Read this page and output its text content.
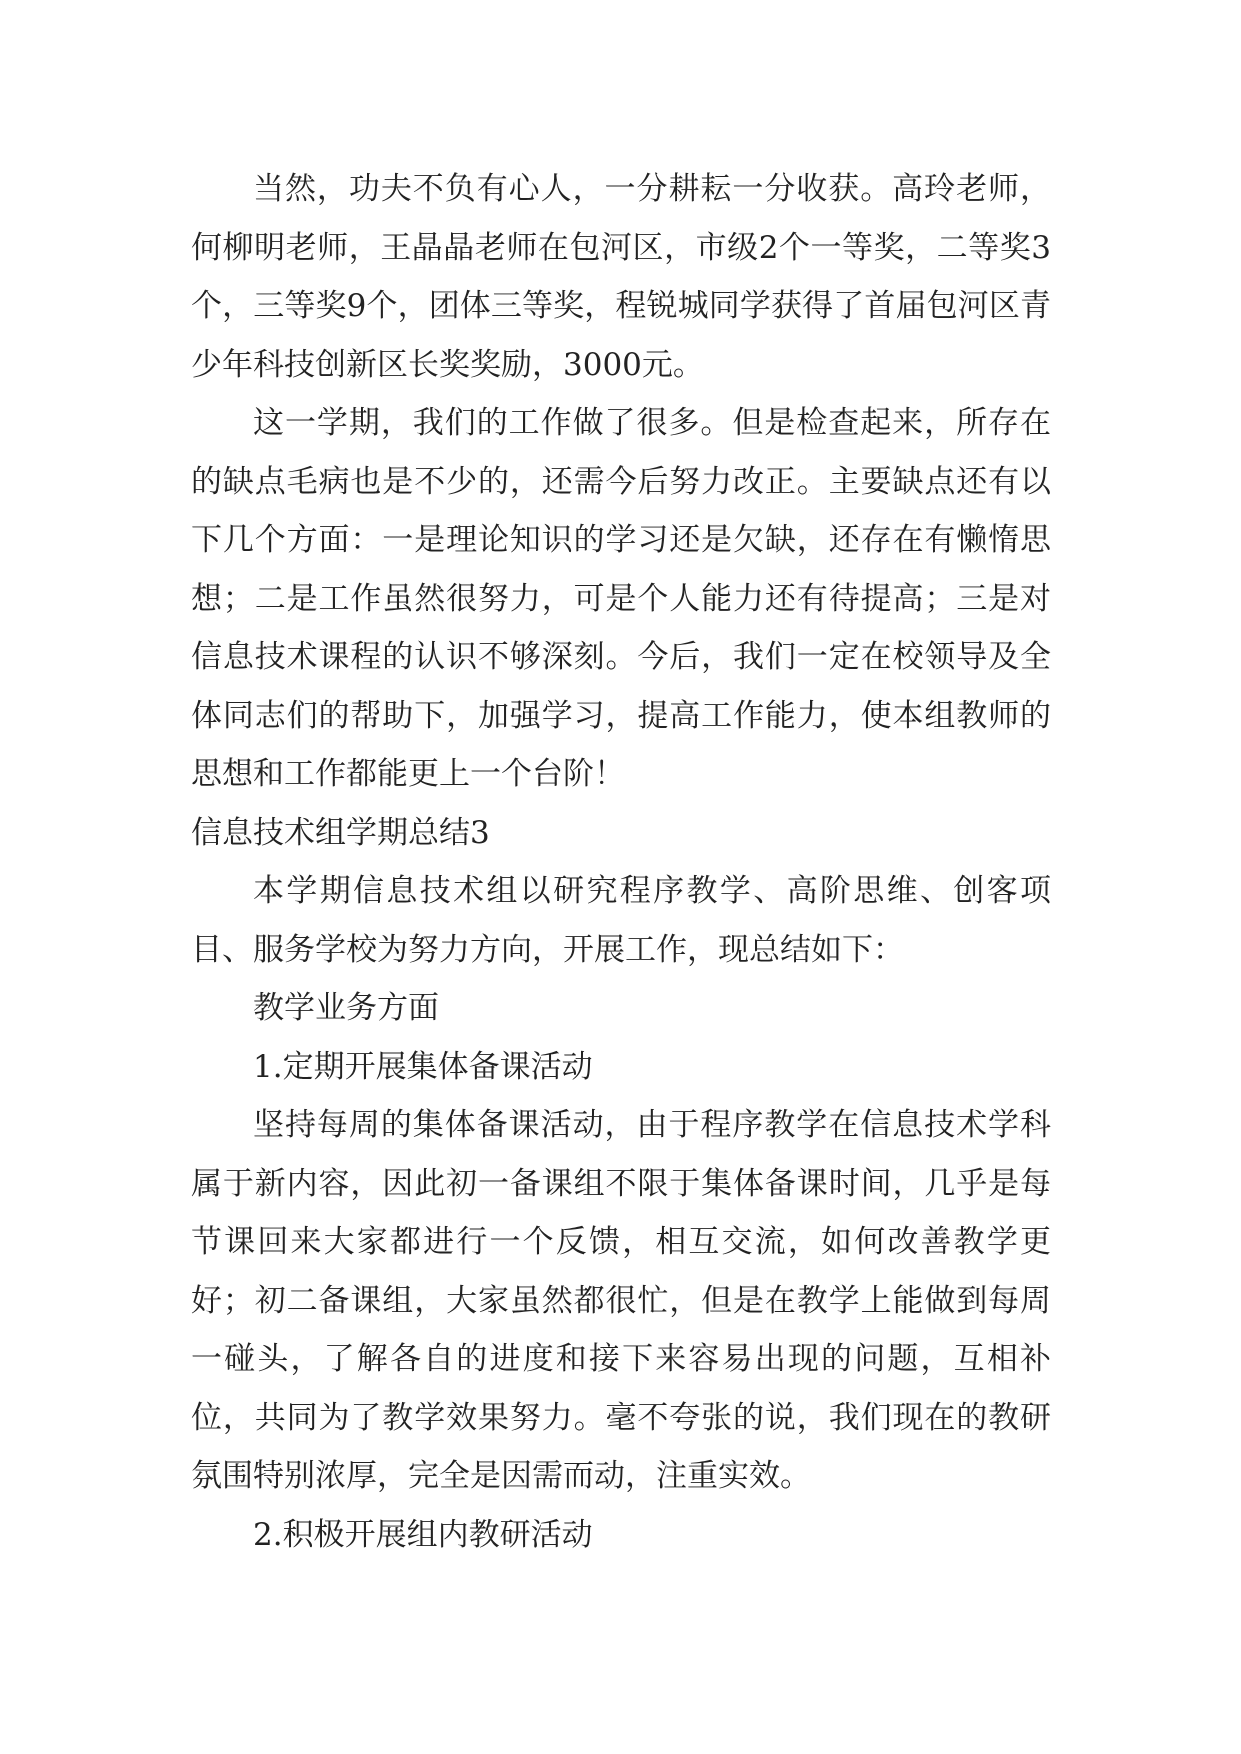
当然，功夫不负有心人，一分耕耘一分收获。高玲老师，何柳明老师，王晶晶老师在包河区，市级2个一等奖，二等奖3个，三等奖9个，团体三等奖，程锐城同学获得了首届包河区青少年科技创新区长奖奖励，3000元。

这一学期，我们的工作做了很多。但是检查起来，所存在的缺点毛病也是不少的，还需今后努力改正。主要缺点还有以下几个方面：一是理论知识的学习还是欠缺，还存在有懒惰思想；二是工作虽然很努力，可是个人能力还有待提高；三是对信息技术课程的认识不够深刻。今后，我们一定在校领导及全体同志们的帮助下，加强学习，提高工作能力，使本组教师的思想和工作都能更上一个台阶！

信息技术组学期总结3

本学期信息技术组以研究程序教学、高阶思维、创客项目、服务学校为努力方向，开展工作，现总结如下：

教学业务方面

1.定期开展集体备课活动

坚持每周的集体备课活动，由于程序教学在信息技术学科属于新内容，因此初一备课组不限于集体备课时间，几乎是每节课回来大家都进行一个反馈，相互交流，如何改善教学更好；初二备课组，大家虽然都很忙，但是在教学上能做到每周一碰头，了解各自的进度和接下来容易出现的问题，互相补位，共同为了教学效果努力。毫不夸张的说，我们现在的教研氛围特别浓厚，完全是因需而动，注重实效。

2.积极开展组内教研活动
